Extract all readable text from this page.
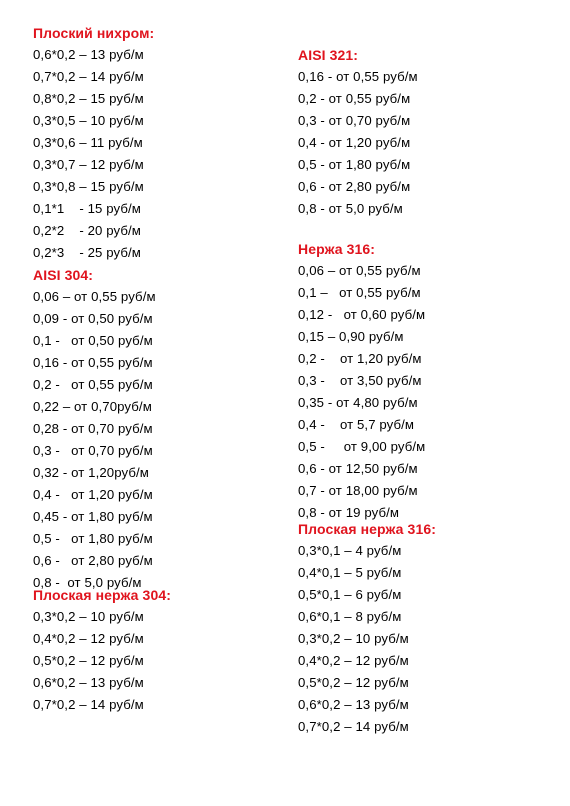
Плоский нихром:
0,6*0,2 – 13 руб/м
0,7*0,2 – 14 руб/м
0,8*0,2 – 15 руб/м
0,3*0,5 – 10 руб/м
0,3*0,6 – 11 руб/м
0,3*0,7 – 12 руб/м
0,3*0,8 – 15 руб/м
0,1*1    - 15 руб/м
0,2*2    - 20 руб/м
0,2*3    - 25 руб/м
AISI 304:
0,06 – от 0,55 руб/м
0,09 - от 0,50 руб/м
0,1 -   от 0,50 руб/м
0,16 - от 0,55 руб/м
0,2 -   от 0,55 руб/м
0,22 – от 0,70руб/м
0,28 - от 0,70 руб/м
0,3 -   от 0,70 руб/м
0,32 - от 1,20руб/м
0,4 -   от 1,20 руб/м
0,45 - от 1,80 руб/м
0,5 -   от 1,80 руб/м
0,6 -   от 2,80 руб/м
0,8 -  от 5,0 руб/м
Плоская нержа 304:
0,3*0,2 – 10 руб/м
0,4*0,2 – 12 руб/м
0,5*0,2 – 12 руб/м
0,6*0,2 – 13 руб/м
0,7*0,2 – 14 руб/м
AISI 321:
0,16 - от 0,55 руб/м
0,2 - от 0,55 руб/м
0,3 - от 0,70 руб/м
0,4 - от 1,20 руб/м
0,5 - от 1,80 руб/м
0,6 - от 2,80 руб/м
0,8 - от 5,0 руб/м
Нержа 316:
0,06 – от 0,55 руб/м
0,1 –   от 0,55 руб/м
0,12 -   от 0,60 руб/м
0,15 – 0,90 руб/м
0,2 -    от 1,20 руб/м
0,3 -    от 3,50 руб/м
0,35 - от 4,80 руб/м
0,4 -    от 5,7 руб/м
0,5 -     от 9,00 руб/м
0,6 - от 12,50 руб/м
0,7 - от 18,00 руб/м
0,8 - от 19 руб/м
Плоская нержа 316:
0,3*0,1 – 4 руб/м
0,4*0,1 – 5 руб/м
0,5*0,1 – 6 руб/м
0,6*0,1 – 8 руб/м
0,3*0,2 – 10 руб/м
0,4*0,2 – 12 руб/м
0,5*0,2 – 12 руб/м
0,6*0,2 – 13 руб/м
0,7*0,2 – 14 руб/м
